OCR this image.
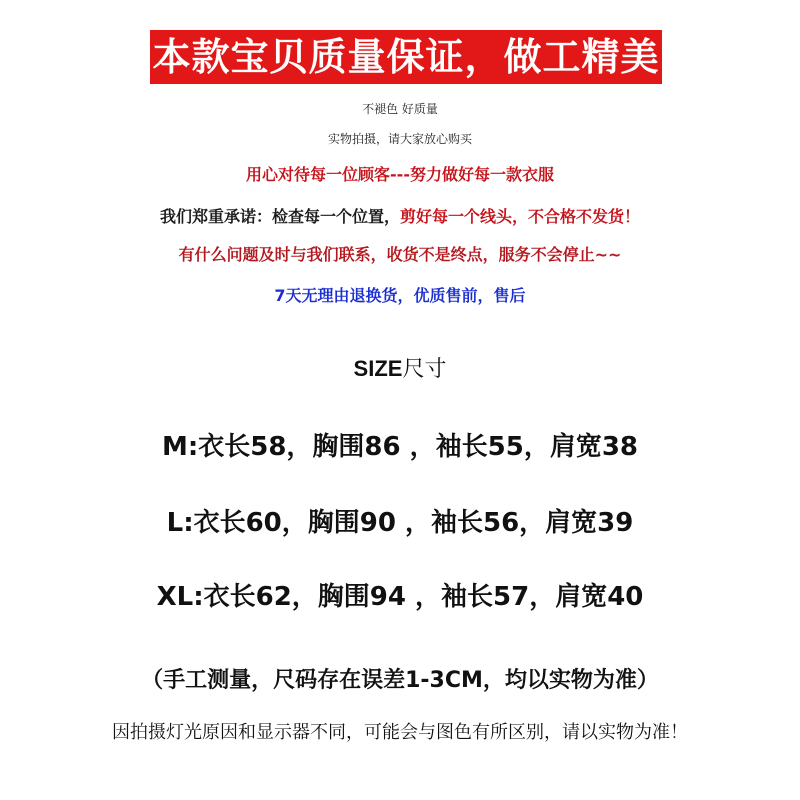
本款宝贝质量保证，做工精美
不褪色 好质量
实物拍摄，请大家放心购买
用心对待每一位顾客---努力做好每一款衣服
我们郑重承诺：检查每一个位置，剪好每一个线头，不合格不发货！
有什么问题及时与我们联系，收货不是终点，服务不会停止~~
7天无理由退换货，优质售前，售后
SIZE尺寸
M:衣长58，胸围86 ，袖长55，肩宽38
L:衣长60，胸围90 ，袖长56，肩宽39
XL:衣长62，胸围94 ，袖长57，肩宽40
（手工测量，尺码存在误差1-3CM，均以实物为准）
因拍摄灯光原因和显示器不同，可能会与图色有所区别，请以实物为准！
